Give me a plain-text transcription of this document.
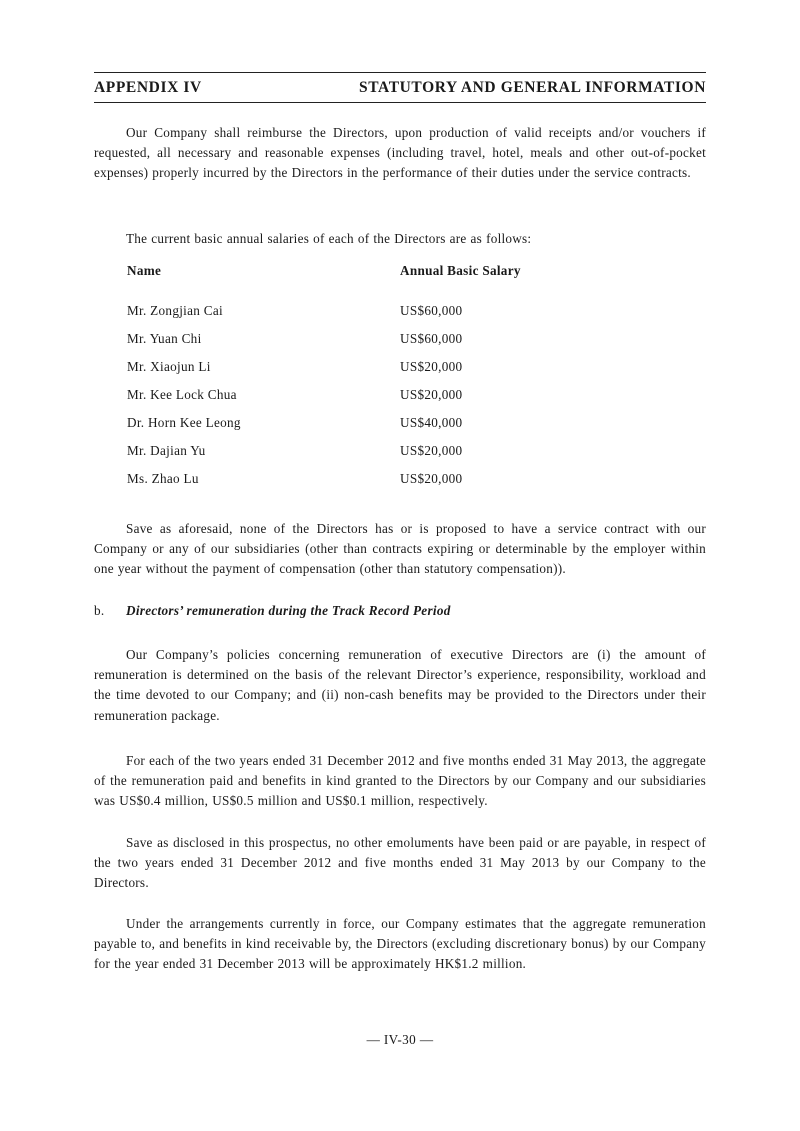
APPENDIX IV	STATUTORY AND GENERAL INFORMATION

Our Company shall reimburse the Directors, upon production of valid receipts and/or vouchers if requested, all necessary and reasonable expenses (including travel, hotel, meals and other out-of-pocket expenses) properly incurred by the Directors in the performance of their duties under the service contracts.

The current basic annual salaries of each of the Directors are as follows:

Name	Annual Basic Salary
Mr. Zongjian Cai	US$60,000
Mr. Yuan Chi	US$60,000
Mr. Xiaojun Li	US$20,000
Mr. Kee Lock Chua	US$20,000
Dr. Horn Kee Leong	US$40,000
Mr. Dajian Yu	US$20,000
Ms. Zhao Lu	US$20,000

Save as aforesaid, none of the Directors has or is proposed to have a service contract with our Company or any of our subsidiaries (other than contracts expiring or determinable by the employer within one year without the payment of compensation (other than statutory compensation)).

b. Directors’ remuneration during the Track Record Period

Our Company’s policies concerning remuneration of executive Directors are (i) the amount of remuneration is determined on the basis of the relevant Director’s experience, responsibility, workload and the time devoted to our Company; and (ii) non-cash benefits may be provided to the Directors under their remuneration package.

For each of the two years ended 31 December 2012 and five months ended 31 May 2013, the aggregate of the remuneration paid and benefits in kind granted to the Directors by our Company and our subsidiaries was US$0.4 million, US$0.5 million and US$0.1 million, respectively.

Save as disclosed in this prospectus, no other emoluments have been paid or are payable, in respect of the two years ended 31 December 2012 and five months ended 31 May 2013 by our Company to the Directors.

Under the arrangements currently in force, our Company estimates that the aggregate remuneration payable to, and benefits in kind receivable by, the Directors (excluding discretionary bonus) by our Company for the year ended 31 December 2013 will be approximately HK$1.2 million.

— IV-30 —
